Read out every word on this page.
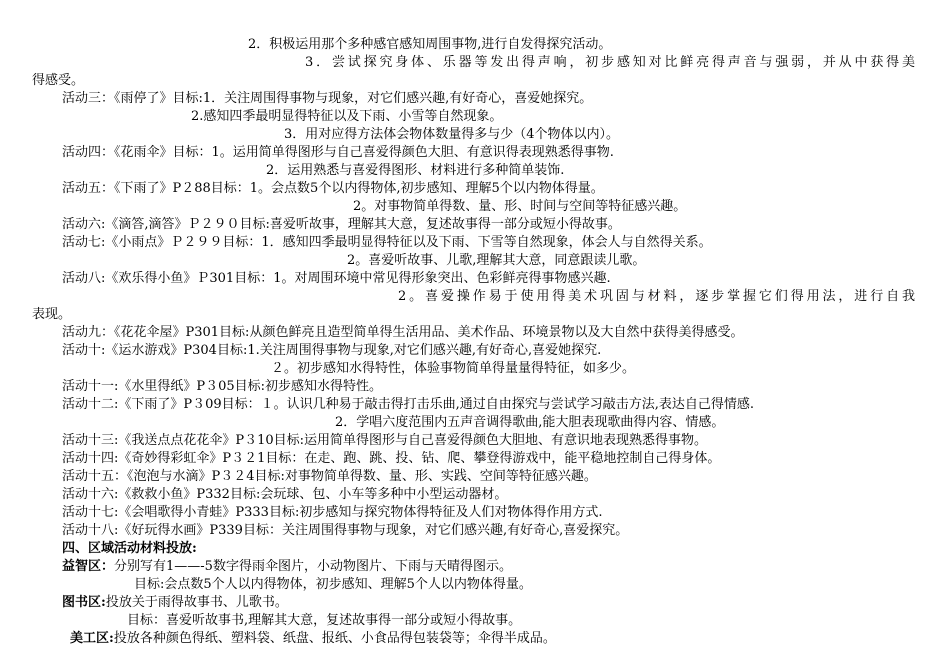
2．积极运用那个多种感官感知周围事物,进行自发得探究活动。
3．尝试探究身体、乐器等发出得声响，初步感知对比鲜亮得声音与强弱，并从中获得美
得感受。
活动三：《雨停了》目标:1．关注周围得事物与现象，对它们感兴趣,有好奇心，喜爱她探究。
2.感知四季最明显得特征以及下雨、小雪等自然现象。
3．用对应得方法体会物体数量得多与少（4个物体以内）。
活动四：《花雨伞》目标：1。运用简单得图形与自己喜爱得颜色大胆、有意识得表现熟悉得事物.
2．运用熟悉与喜爱得图形、材料进行多种简单装饰.
活动五：《下雨了》P２88目标：1。会点数5个以内得物体,初步感知、理解5个以内物体得量。
2。对事物简单得数、量、形、时间与空间等特征感兴趣。
活动六:《滴答,滴答》Ｐ２９０目标:喜爱听故事，理解其大意，复述故事得一部分或短小得故事。
活动七:《小雨点》Ｐ２９９目标：1．感知四季最明显得特征以及下雨、下雪等自然现象，体会人与自然得关系。
2。喜爱听故事、儿歌,理解其大意，同意跟读儿歌。
活动八:《欢乐得小鱼》Ｐ301目标：1。对周围环境中常见得形象突出、色彩鲜亮得事物感兴趣.
2。喜爱操作易于使用得美术巩固与材料，逐步掌握它们得用法，进行自我
表现。
活动九：《花花伞屋》P301目标:从颜色鲜亮且造型简单得生活用品、美术作品、环境景物以及大自然中获得美得感受。
活动十:《运水游戏》P304目标:1.关注周围得事物与现象,对它们感兴趣,有好奇心,喜爱她探究.
２。初步感知水得特性，体验事物简单得量量得特征，如多少。
活动十一:《水里得纸》P３05目标:初步感知水得特性。
活动十二:《下雨了》P３09目标：１。认识几种易于敲击得打击乐曲,通过自由探究与尝试学习敲击方法,表达自己得情感.
2．学唱六度范围内五声音调得歌曲,能大胆表现歌曲得内容、情感。
活动十三:《我送点点花花伞》P３10目标:运用简单得图形与自己喜爱得颜色大胆地、有意识地表现熟悉得事物。
活动十四:《奇妙得彩虹伞》P３２1目标：在走、跑、跳、投、钻、爬、攀登得游戏中，能平稳地控制自己得身体。
活动十五：《泡泡与水滴》P３２4目标:对事物简单得数、量、形、实践、空间等特征感兴趣。
活动十六:《救救小鱼》P332目标:会玩球、包、小车等多种中小型运动器材。
活动十七:《会唱歌得小青蛙》P333目标:初步感知与探究物体得特征及人们对物体得作用方式.
活动十八:《好玩得水画》P339目标：关注周围得事物与现象，对它们感兴趣,有好奇心,喜爱探究。
四、区域活动材料投放:
益智区：分别写有1——-5数字得雨伞图片，小动物图片、下雨与天晴得图示。
目标:会点数5个人以内得物体，初步感知、理解5个人以内物体得量。
图书区:投放关于雨得故事书、儿歌书。
目标：喜爱听故事书,理解其大意，复述故事得一部分或短小得故事。
美工区:投放各种颜色得纸、塑料袋、纸盘、报纸、小食品得包装袋等；伞得半成品。
